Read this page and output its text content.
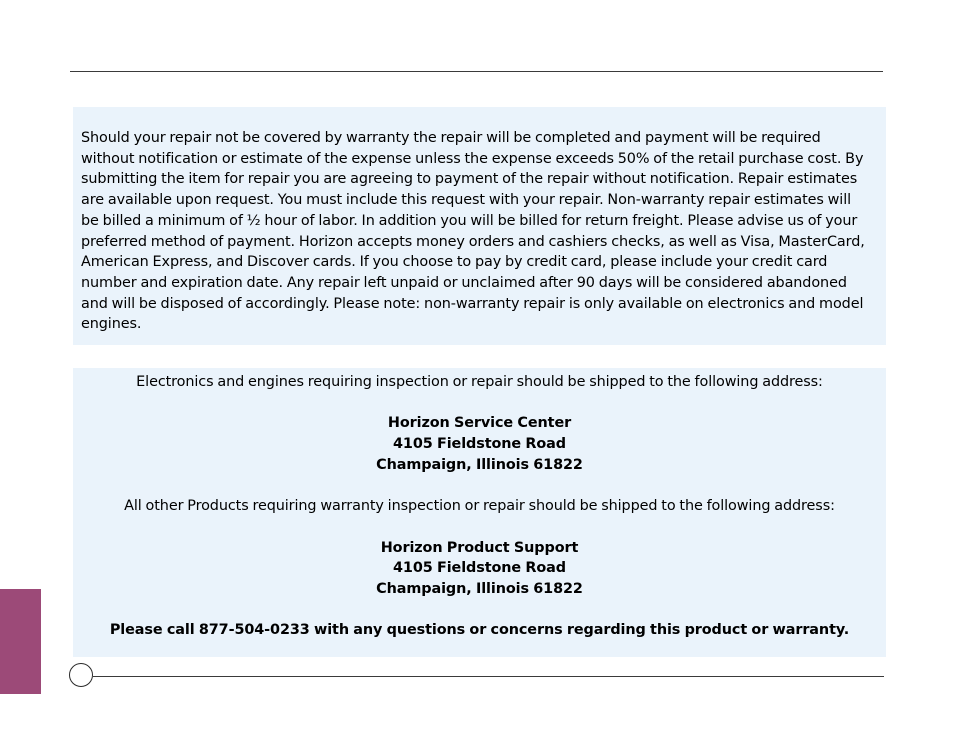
Should your repair not be covered by warranty the repair will be completed and payment will be required without notification or estimate of the expense unless the expense exceeds 50% of the retail purchase cost. By submitting the item for repair you are agreeing to payment of the repair without notification. Repair estimates are available upon request. You must include this request with your repair. Non-warranty repair estimates will be billed a minimum of ½ hour of labor. In addition you will be billed for return freight. Please advise us of your preferred method of payment. Horizon accepts money orders and cashiers checks, as well as Visa, MasterCard, American Express, and Discover cards. If you choose to pay by credit card, please include your credit card number and expiration date. Any repair left unpaid or unclaimed after 90 days will be considered abandoned and will be disposed of accordingly. Please note: non-warranty repair is only available on electronics and model engines.

Electronics and engines requiring inspection or repair should be shipped to the following address:
Horizon Service Center
4105 Fieldstone Road
Champaign, Illinois 61822
All other Products requiring warranty inspection or repair should be shipped to the following address:
Horizon Product Support
4105 Fieldstone Road
Champaign, Illinois 61822
Please call 877-504-0233 with any questions or concerns regarding this product or warranty.
